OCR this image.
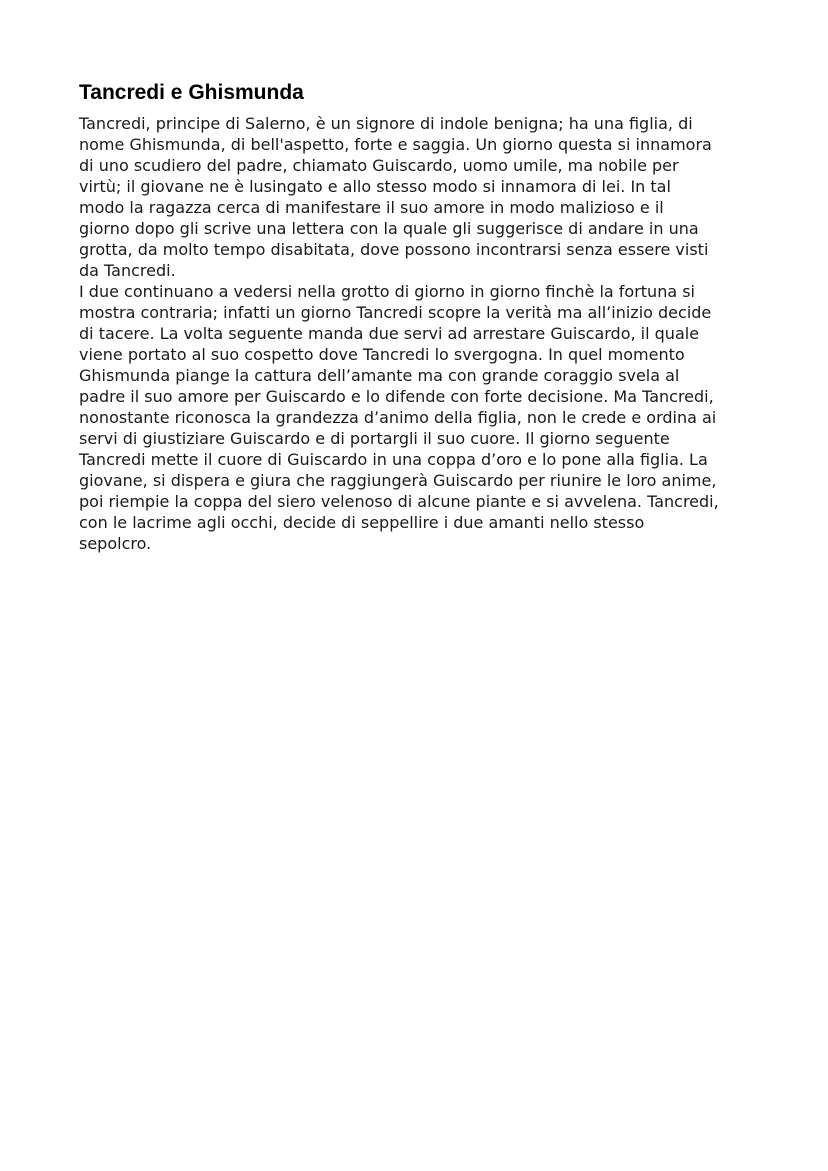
Tancredi e Ghismunda
Tancredi, principe di Salerno, è un signore di indole benigna; ha una figlia, di
nome Ghismunda, di bell'aspetto, forte e saggia. Un giorno questa si innamora
di uno scudiero del padre, chiamato Guiscardo, uomo umile, ma nobile per
virtù; il giovane ne è lusingato e allo stesso modo si innamora di lei. In tal
modo la ragazza cerca di manifestare il suo amore in modo malizioso e il
giorno dopo gli scrive una lettera con la quale gli suggerisce di andare in una
grotta, da molto tempo disabitata, dove possono incontrarsi senza essere visti
da Tancredi.
I due continuano a vedersi nella grotto di giorno in giorno finchè la fortuna si
mostra contraria; infatti un giorno Tancredi scopre la verità ma all’inizio decide
di tacere. La volta seguente manda due servi ad arrestare Guiscardo, il quale
viene portato al suo cospetto dove Tancredi lo svergogna. In quel momento
Ghismunda piange la cattura dell’amante ma con grande coraggio svela al
padre il suo amore per Guiscardo e lo difende con forte decisione. Ma Tancredi,
nonostante riconosca la grandezza d’animo della figlia, non le crede e ordina ai
servi di giustiziare Guiscardo e di portargli il suo cuore. Il giorno seguente
Tancredi mette il cuore di Guiscardo in una coppa d’oro e lo pone alla figlia. La
giovane, si dispera e giura che raggiungerà Guiscardo per riunire le loro anime,
poi riempie la coppa del siero velenoso di alcune piante e si avvelena. Tancredi,
con le lacrime agli occhi, decide di seppellire i due amanti nello stesso
sepolcro.
